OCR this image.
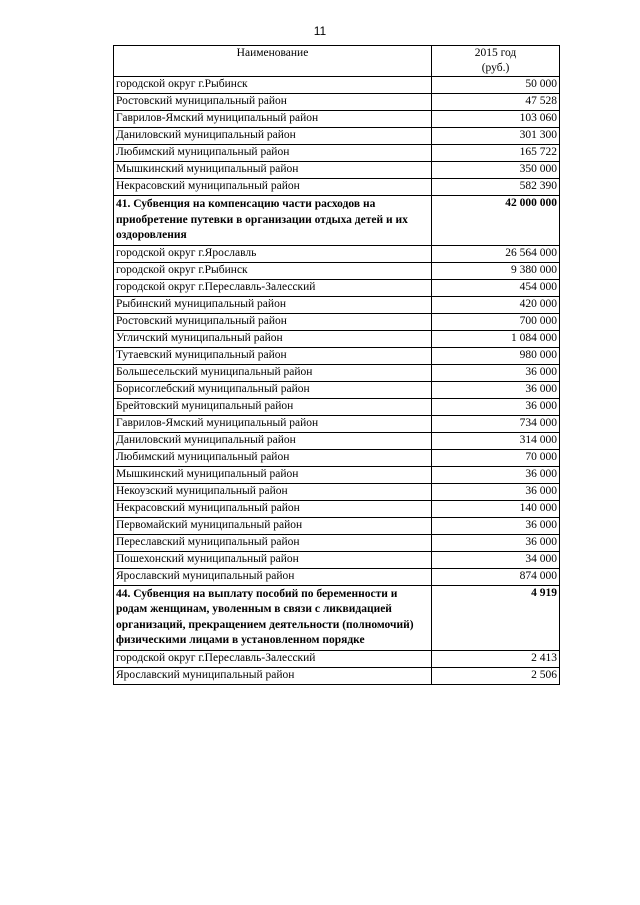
11
Наименование	2015 год
(руб.)

городской округ г.Рыбинск	50 000
Ростовский муниципальный район	47 528
Гаврилов-Ямский муниципальный район	103 060
Даниловский муниципальный район	301 300
Любимский муниципальный район	165 722
Мышкинский муниципальный район	350 000
Некрасовский муниципальный район	582 390
41. Субвенция на компенсацию части расходов на приобретение путевки в организации отдыха детей и их оздоровления	42 000 000
городской округ г.Ярославль	26 564 000
городской округ г.Рыбинск	9 380 000
городской округ г.Переславль-Залесский	454 000
Рыбинский муниципальный район	420 000
Ростовский муниципальный район	700 000
Угличский муниципальный район	1 084 000
Тутаевский муниципальный район	980 000
Большесельский муниципальный район	36 000
Борисоглебский муниципальный район	36 000
Брейтовский муниципальный район	36 000
Гаврилов-Ямский муниципальный район	734 000
Даниловский муниципальный район	314 000
Любимский муниципальный район	70 000
Мышкинский муниципальный район	36 000
Некоузский муниципальный район	36 000
Некрасовский муниципальный район	140 000
Первомайский муниципальный район	36 000
Переславский муниципальный район	36 000
Пошехонский муниципальный район	34 000
Ярославский муниципальный район	874 000
44. Субвенция на выплату пособий по беременности и родам женщинам, уволенным в связи с ликвидацией организаций, прекращением деятельности (полномочий) физическими лицами в установленном порядке	4 919
городской округ г.Переславль-Залесский	2 413
Ярославский муниципальный район	2 506
